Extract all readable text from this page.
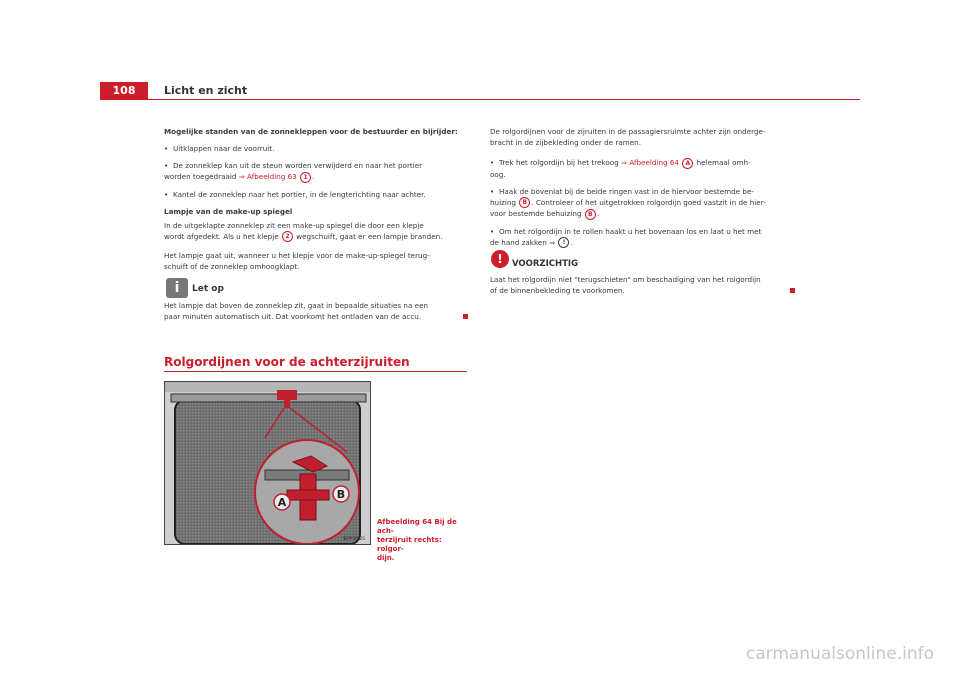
108	Licht en zicht
Mogelijke standen van de zonnekleppen voor de bestuurder en bijrijder:
• Uitklappen naar de voorruit.
• De zonneklep kan uit de steun worden verwijderd en naar het portier
worden toegedraaid ⇒ Afbeelding 63 1 .
• Kantel de zonneklep naar het portier, in de lengterichting naar achter.
Lampje van de make-up spiegel
In de uitgeklapte zonneklep zit een make-up spiegel die door een klepje
wordt afgedekt. Als u het klepje 2 wegschuift, gaat er een lampje branden.
Het lampje gaat uit, wanneer u het klepje voor de make-up-spiegel terug-
schuift of de zonneklep omhoogklapt.
i	Let op
Het lampje dat boven de zonneklep zit, gaat in bepaalde situaties na een
paar minuten automatisch uit. Dat voorkomt het ontladen van de accu.
Rolgordijnen voor de achterzijruiten
A
B
B7P-0125
Afbeelding 64 Bij de ach-
terzijruit rechts: rolgor-
dijn.
De rolgordijnen voor de zijruiten in de passagiersruimte achter zijn onderge-
bracht in de zijbekleding onder de ramen.
• Trek het rolgordijn bij het trekoog ⇒ Afbeelding 64 A helemaal omh-
oog.
• Haak de bovenlat bij de beide ringen vast in de hiervoor bestemde be-
huizing B . Controleer of het uitgetrokken rolgordijn goed vastzit in de hier-
voor bestemde behuizing B .
• Om het rolgordijn in te rollen haakt u het bovenaan los en laat u het met
de hand zakken ⇒ ! .
!	VOORZICHTIG
Laat het rolgordijn niet "terugschieten" om beschadiging van het rolgordijn
of de binnenbekleding te voorkomen.
carmanualsonline.info
